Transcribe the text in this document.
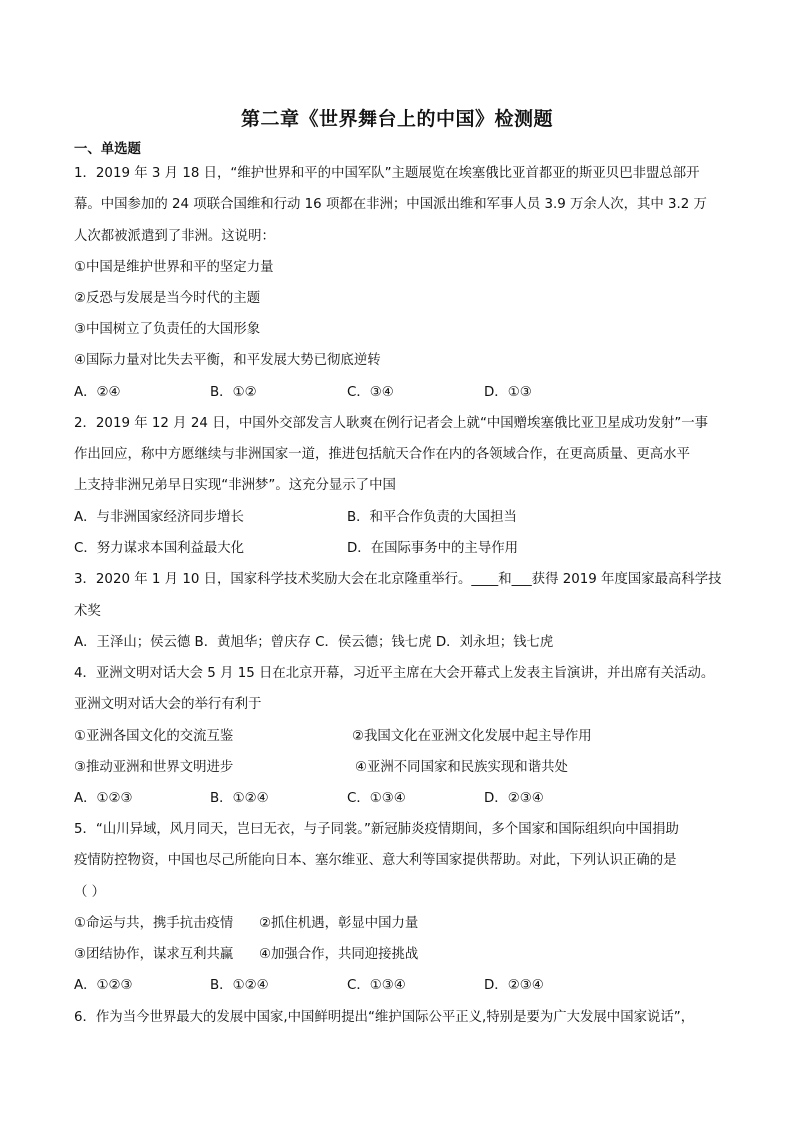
第二章《世界舞台上的中国》检测题
一、单选题
1．2019 年 3 月 18 日，“维护世界和平的中国军队”主题展览在埃塞俄比亚首都亚的斯亚贝巴非盟总部开
幕。中国参加的 24 项联合国维和行动 16 项都在非洲；中国派出维和军事人员 3.9 万余人次，其中 3.2 万
人次都被派遣到了非洲。这说明：
①中国是维护世界和平的坚定力量
②反恐与发展是当今时代的主题
③中国树立了负责任的大国形象
④国际力量对比失去平衡，和平发展大势已彻底逆转
A．②④	B．①②	C．③④	D．①③
2．2019 年 12 月 24 日，中国外交部发言人耿爽在例行记者会上就“中国赠埃塞俄比亚卫星成功发射”一事
作出回应，称中方愿继续与非洲国家一道，推进包括航天合作在内的各领域合作，在更高质量、更高水平
上支持非洲兄弟早日实现“非洲梦”。这充分显示了中国
A．与非洲国家经济同步增长	B．和平合作负责的大国担当
C．努力谋求本国利益最大化	D．在国际事务中的主导作用
3．2020 年 1 月 10 日，国家科学技术奖励大会在北京隆重举行。____和___获得 2019 年度国家最高科学技
术奖
A．王泽山；侯云德 B．黄旭华；曾庆存 C．侯云德；钱七虎 D．刘永坦；钱七虎
4．亚洲文明对话大会 5 月 15 日在北京开幕，习近平主席在大会开幕式上发表主旨演讲，并出席有关活动。
亚洲文明对话大会的举行有利于
①亚洲各国文化的交流互鉴	②我国文化在亚洲文化发展中起主导作用
③推动亚洲和世界文明进步	④亚洲不同国家和民族实现和谐共处
A．①②③	B．①②④	C．①③④	D．②③④
5．“山川异域，风月同天，岂曰无衣，与子同裳。”新冠肺炎疫情期间，多个国家和国际组织向中国捐助
疫情防控物资，中国也尽己所能向日本、塞尔维亚、意大利等国家提供帮助。对此，下列认识正确的是
（ ）
①命运与共，携手抗击疫情 ②抓住机遇，彰显中国力量
③团结协作，谋求互利共赢 ④加强合作，共同迎接挑战
A．①②③	B．①②④	C．①③④	D．②③④
6．作为当今世界最大的发展中国家,中国鲜明提出“维护国际公平正义,特别是要为广大发展中国家说话”，
